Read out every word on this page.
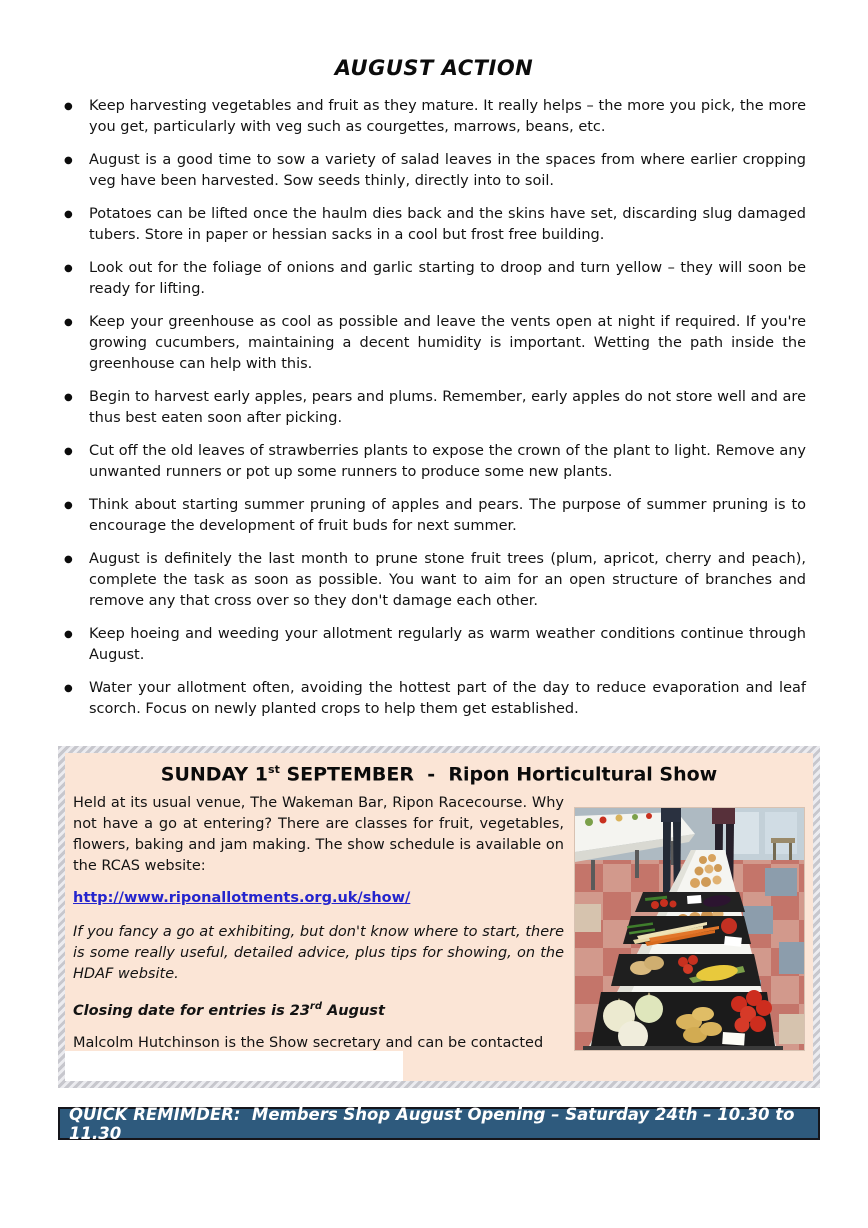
AUGUST ACTION
● Keep harvesting vegetables and fruit as they mature. It really helps – the more you pick, the more you get, particularly with veg such as courgettes, marrows, beans, etc.
● August is a good time to sow a variety of salad leaves in the spaces from where earlier cropping veg have been harvested. Sow seeds thinly, directly into to soil.
● Potatoes can be lifted once the haulm dies back and the skins have set, discarding slug damaged tubers. Store in paper or hessian sacks in a cool but frost free building.
● Look out for the foliage of onions and garlic starting to droop and turn yellow – they will soon be ready for lifting.
● Keep your greenhouse as cool as possible and leave the vents open at night if required. If you're growing cucumbers, maintaining a decent humidity is important. Wetting the path inside the greenhouse can help with this.
● Begin to harvest early apples, pears and plums. Remember, early apples do not store well and are thus best eaten soon after picking.
● Cut off the old leaves of strawberries plants to expose the crown of the plant to light. Remove any unwanted runners or pot up some runners to produce some new plants.
● Think about starting summer pruning of apples and pears. The purpose of summer pruning is to encourage the development of fruit buds for next summer.
● August is definitely the last month to prune stone fruit trees (plum, apricot, cherry and peach), complete the task as soon as possible. You want to aim for an open structure of branches and remove any that cross over so they don't damage each other.
● Keep hoeing and weeding your allotment regularly as warm weather conditions continue through August.
● Water your allotment often, avoiding the hottest part of the day to reduce evaporation and leaf scorch. Focus on newly planted crops to help them get established.
SUNDAY 1st SEPTEMBER  -  Ripon Horticultural Show

Held at its usual venue, The Wakeman Bar, Ripon Racecourse. Why not have a go at entering? There are classes for fruit, vegetables, flowers, baking and jam making. The show schedule is available on the RCAS website:

http://www.riponallotments.org.uk/show/

If you fancy a go at exhibiting, but don't know where to start, there is some really useful, detailed advice, plus tips for showing, on the HDAF website.

Closing date for entries is 23rd August

Malcolm Hutchinson is the Show secretary and can be contacted

QUICK REMIMDER:  Members Shop August Opening – Saturday 24th – 10.30 to 11.30
